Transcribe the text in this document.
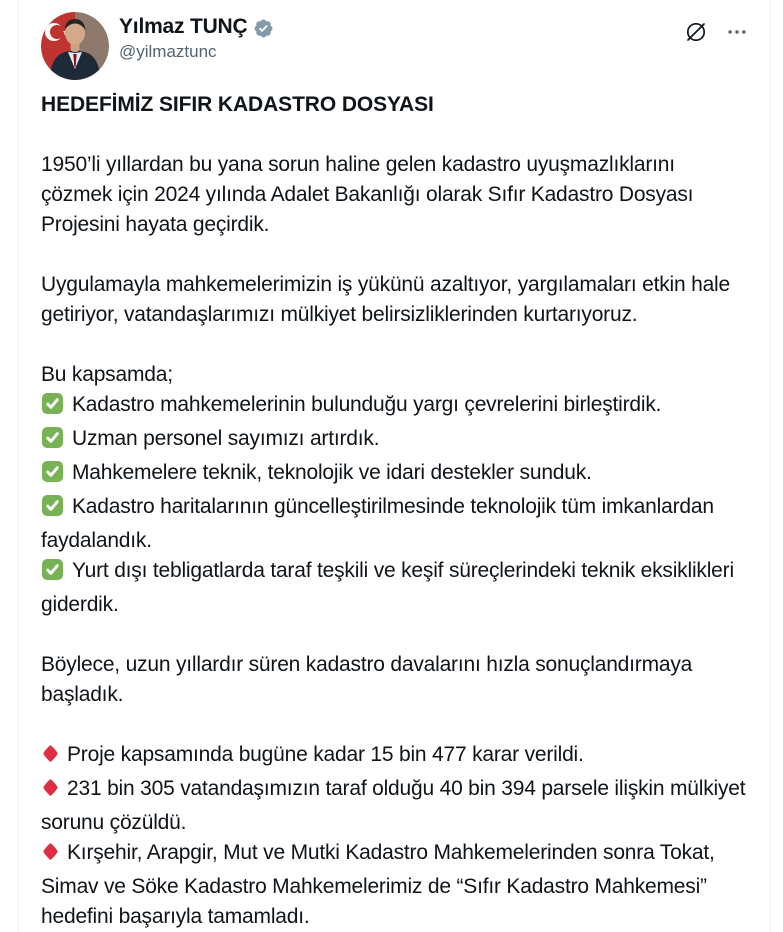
Yılmaz TUNÇ
@yilmaztunc
HEDEFİMİZ SIFIR KADASTRO DOSYASI

1950’li yıllardan bu yana sorun haline gelen kadastro uyuşmazlıklarını çözmek için 2024 yılında Adalet Bakanlığı olarak Sıfır Kadastro Dosyası Projesini hayata geçirdik.

Uygulamayla mahkemelerimizin iş yükünü azaltıyor, yargılamaları etkin hale getiriyor, vatandaşlarımızı mülkiyet belirsizliklerinden kurtarıyoruz.

Bu kapsamda;
Kadastro mahkemelerinin bulunduğu yargı çevrelerini birleştirdik.
Uzman personel sayımızı artırdık.
Mahkemelere teknik, teknolojik ve idari destekler sunduk.
Kadastro haritalarının güncelleştirilmesinde teknolojik tüm imkanlardan faydalandık.
Yurt dışı tebligatlarda taraf teşkili ve keşif süreçlerindeki teknik eksiklikleri giderdik.

Böylece, uzun yıllardır süren kadastro davalarını hızla sonuçlandırmaya başladık.

Proje kapsamında bugüne kadar 15 bin 477 karar verildi.
231 bin 305 vatandaşımızın taraf olduğu 40 bin 394 parsele ilişkin mülkiyet sorunu çözüldü.
Kırşehir, Arapgir, Mut ve Mutki Kadastro Mahkemelerinden sonra Tokat, Simav ve Söke Kadastro Mahkemelerimiz de “Sıfır Kadastro Mahkemesi” hedefini başarıyla tamamladı.
